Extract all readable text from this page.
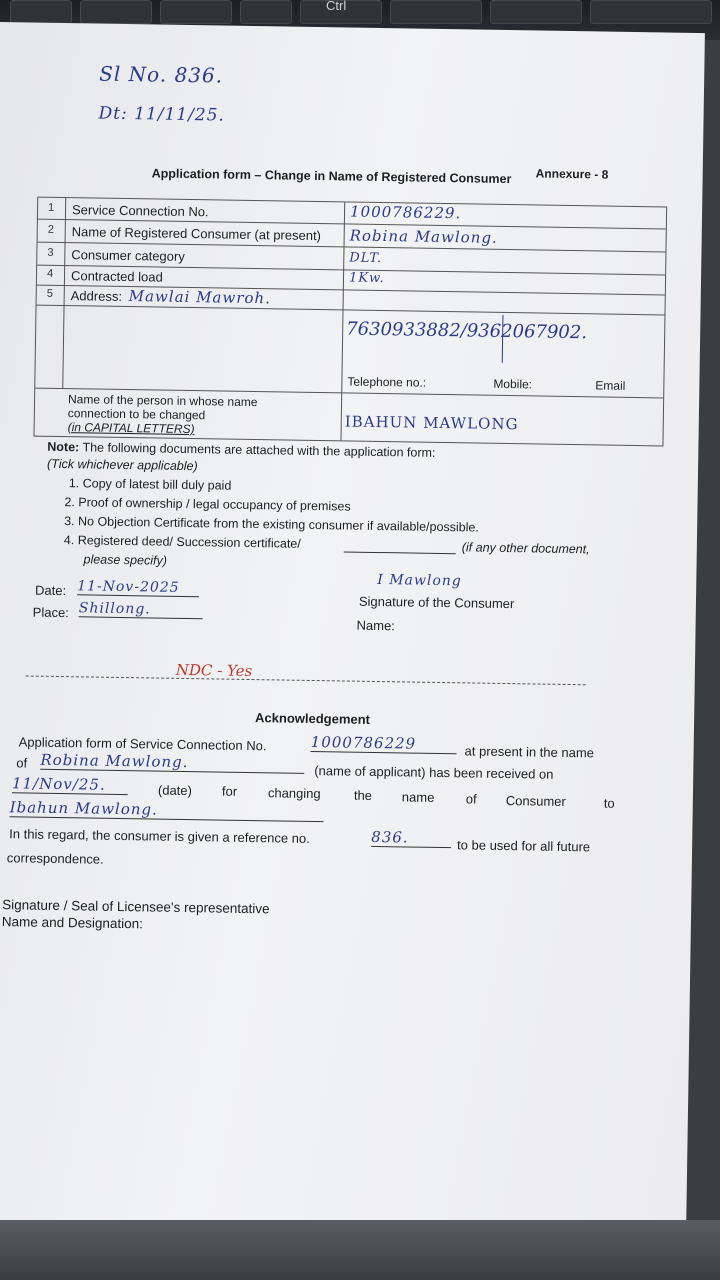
Ctrl
Sl No. 836.
Dt: 11/11/25.
Annexure - 8
Application form – Change in Name of Registered Consumer
1 Service Connection No.	1000786229.
2 Name of Registered Consumer (at present) Robina Mawlong.
3 Consumer category	DLT.
4 Contracted load	1Kw.
5 Address: Mawlai Mawroh.
7630933882/9362067902.
Telephone no.:	Mobile:	Email
Name of the person in whose name
connection to be changed
(in CAPITAL LETTERS)	IBAHUN MAWLONG
Note: The following documents are attached with the application form:
(Tick whichever applicable)
1. Copy of latest bill duly paid
2. Proof of ownership / legal occupancy of premises
3. No Objection Certificate from the existing consumer if available/possible.
4. Registered deed/ Succession certificate/	(if any other document,
please specify)
Date: 11-Nov-2025
Place: Shillong.
I Mawlong
Signature of the Consumer
Name:
NDC - Yes
Acknowledgement
Application form of Service Connection No.	1000786229	at present in the name
of Robina Mawlong.
(name of applicant) has been received on
11/Nov/25.	(date) for changing	the name of Consumer	to
Ibahun Mawlong.
In this regard, the consumer is given a reference no.	836.	to be used for all future
correspondence.
Signature / Seal of Licensee's representative
Name and Designation:
